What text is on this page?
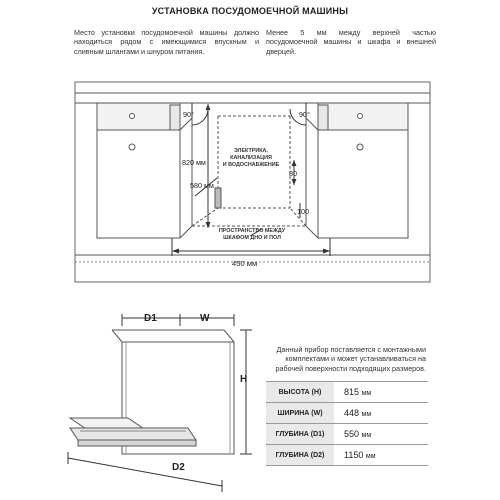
УСТАНОВКА ПОСУДОМОЕЧНОЙ МАШИНЫ
Место установки посудомоечной машины должно находиться рядом с имеющимися впускным и сливным шлангами и шнуром питания.
Менее 5 мм между верхней частью посудомоечной машины и шкафа и внешней дверцей.
90°	90°
820 мм
580 мм
80
100
450 мм
ЭЛЕКТРИКА,
КАНАЛИЗАЦИЯ
И ВОДОСНАБЖЕНИЕ
ПРОСТРАНСТВО МЕЖДУ
ШКАФОМ ДНО И ПОЛ
D1	W
H
D2
Данный прибор поставляется с монтажными комплектами и может устанавливаться на рабочей поверхности подходящих размеров.
ВЫСОТА (H)	815 мм
ШИРИНА (W)	448 мм
ГЛУБИНА (D1)	550 мм
ГЛУБИНА (D2)	1150 мм
